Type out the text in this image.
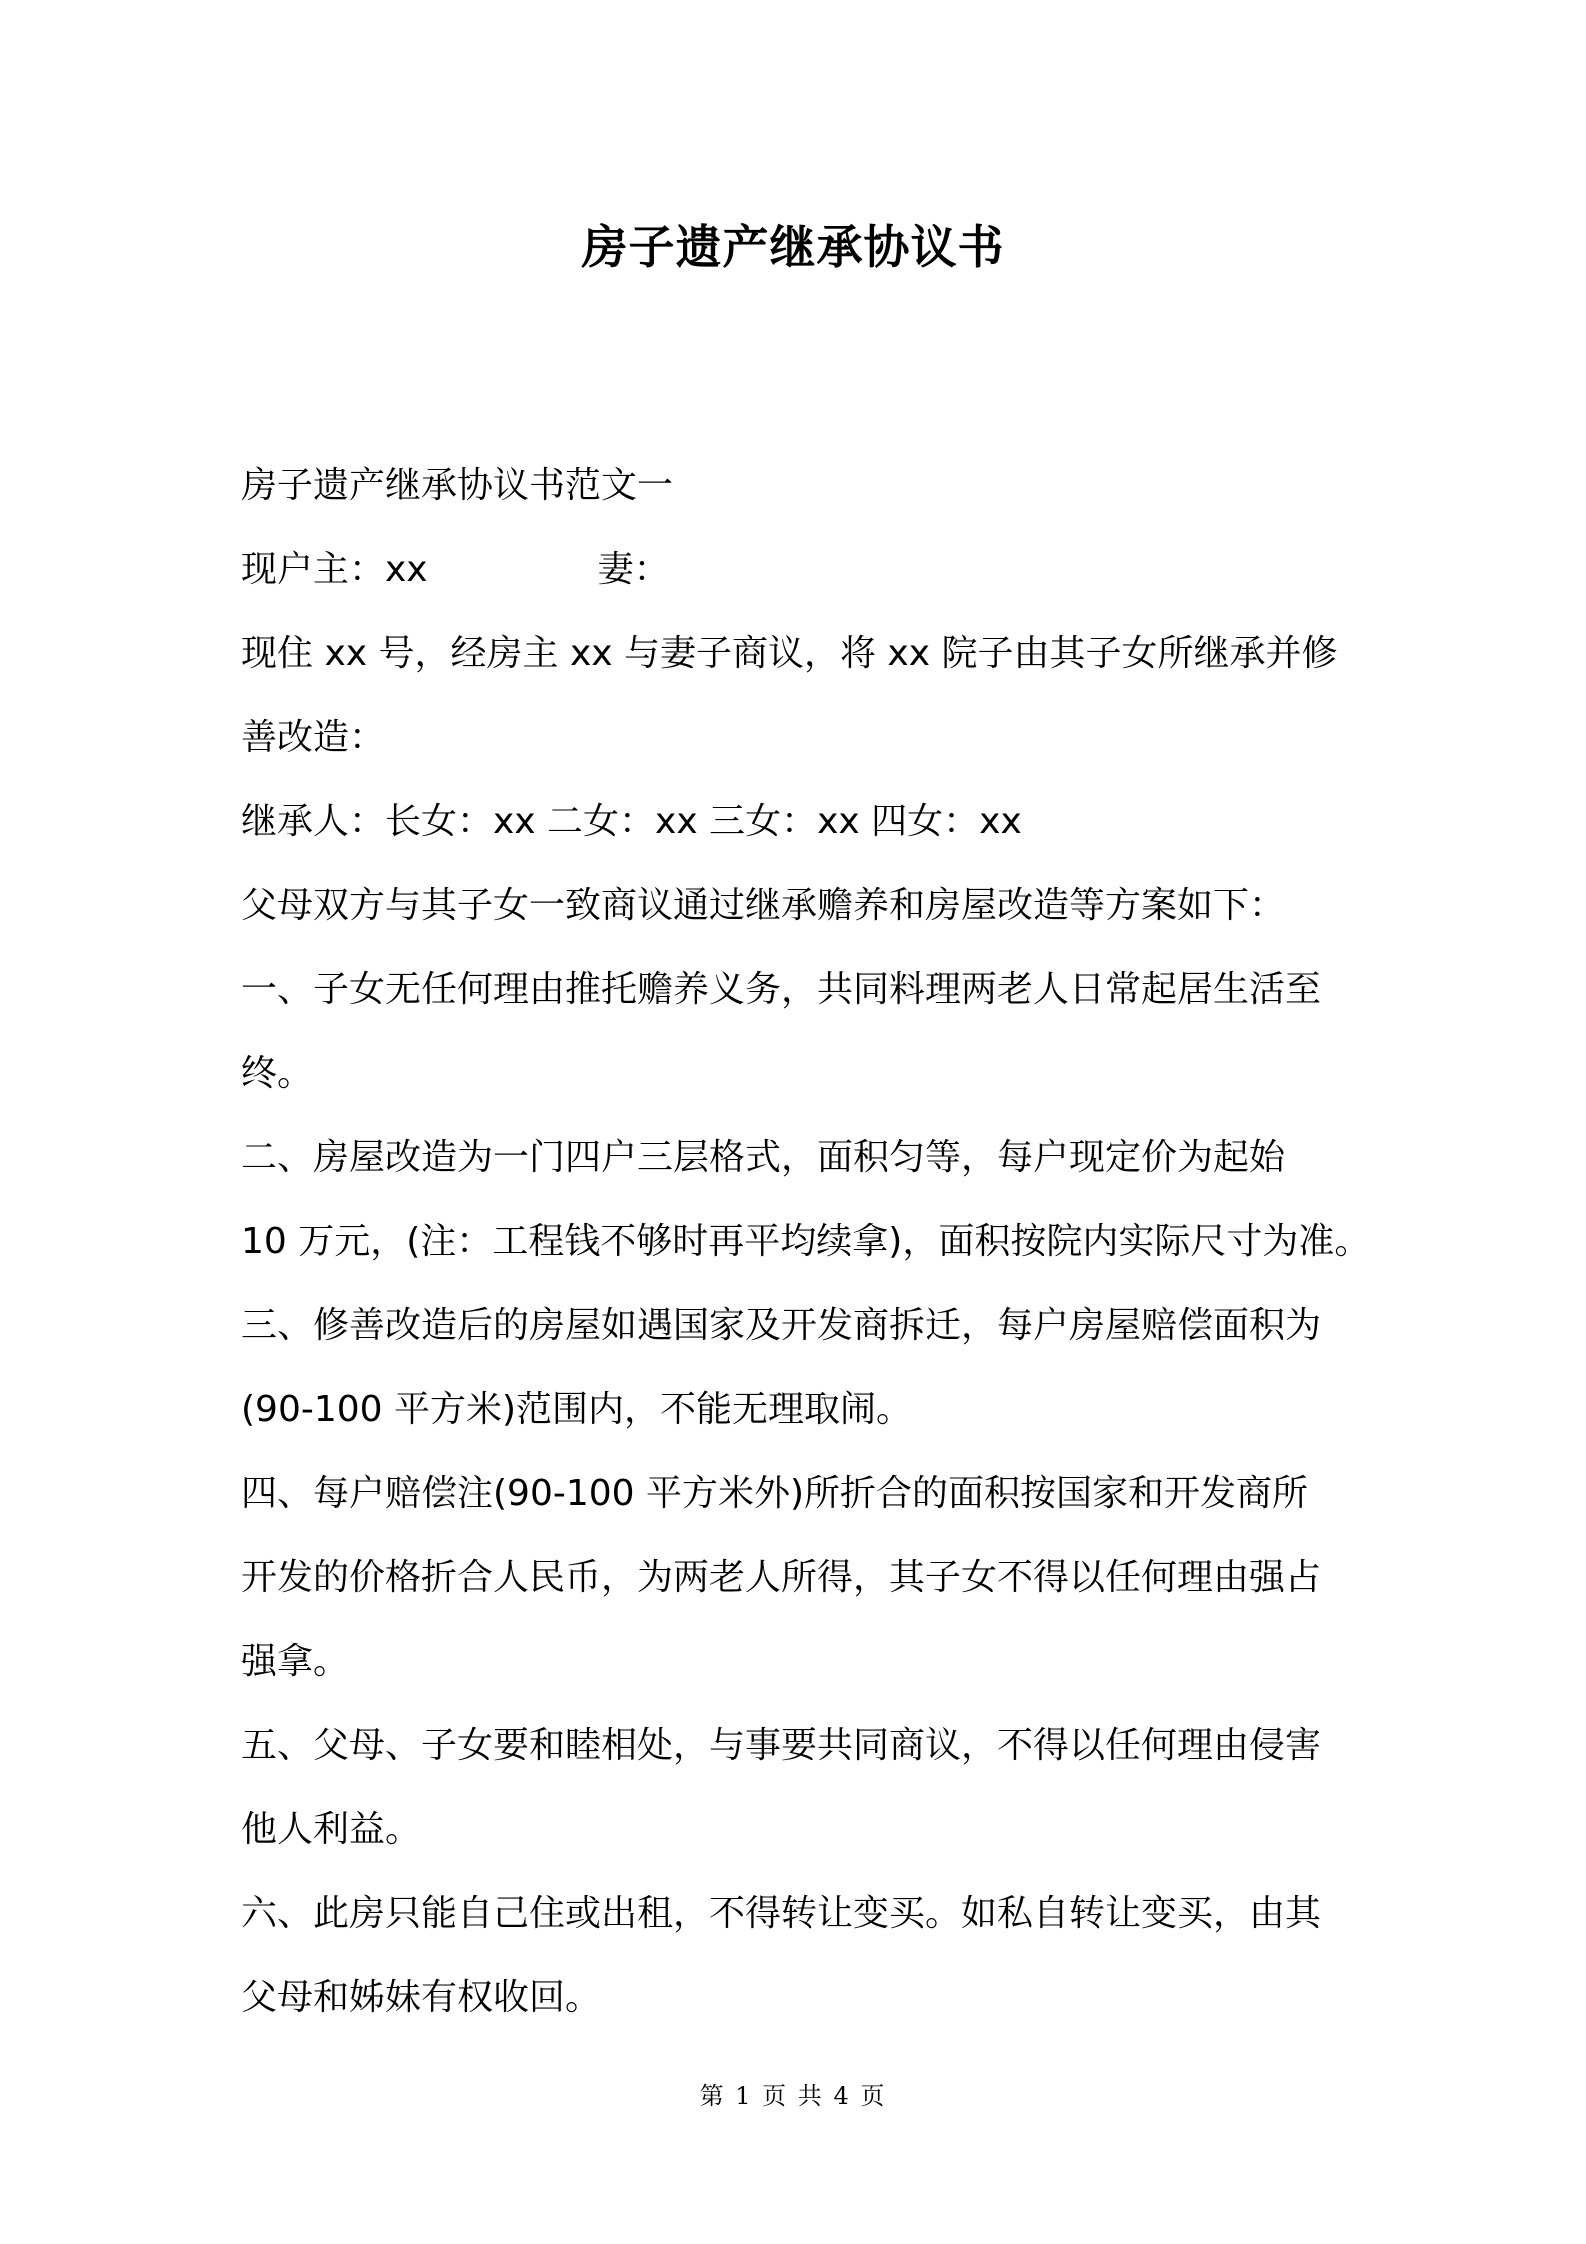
房子遗产继承协议书
房子遗产继承协议书范文一
现户主：xx	妻：
现住 xx 号，经房主 xx 与妻子商议，将 xx 院子由其子女所继承并修
善改造：
继承人：长女：xx 二女：xx 三女：xx 四女：xx
父母双方与其子女一致商议通过继承赡养和房屋改造等方案如下：
一、子女无任何理由推托赡养义务，共同料理两老人日常起居生活至
终。
二、房屋改造为一门四户三层格式，面积匀等，每户现定价为起始
10 万元，(注：工程钱不够时再平均续拿)，面积按院内实际尺寸为准。
三、修善改造后的房屋如遇国家及开发商拆迁，每户房屋赔偿面积为
(90-100 平方米)范围内，不能无理取闹。
四、每户赔偿注(90-100 平方米外)所折合的面积按国家和开发商所
开发的价格折合人民币，为两老人所得，其子女不得以任何理由强占
强拿。
五、父母、子女要和睦相处，与事要共同商议，不得以任何理由侵害
他人利益。
六、此房只能自己住或出租，不得转让变买。如私自转让变买，由其
父母和姊妹有权收回。
第 1 页 共 4 页
